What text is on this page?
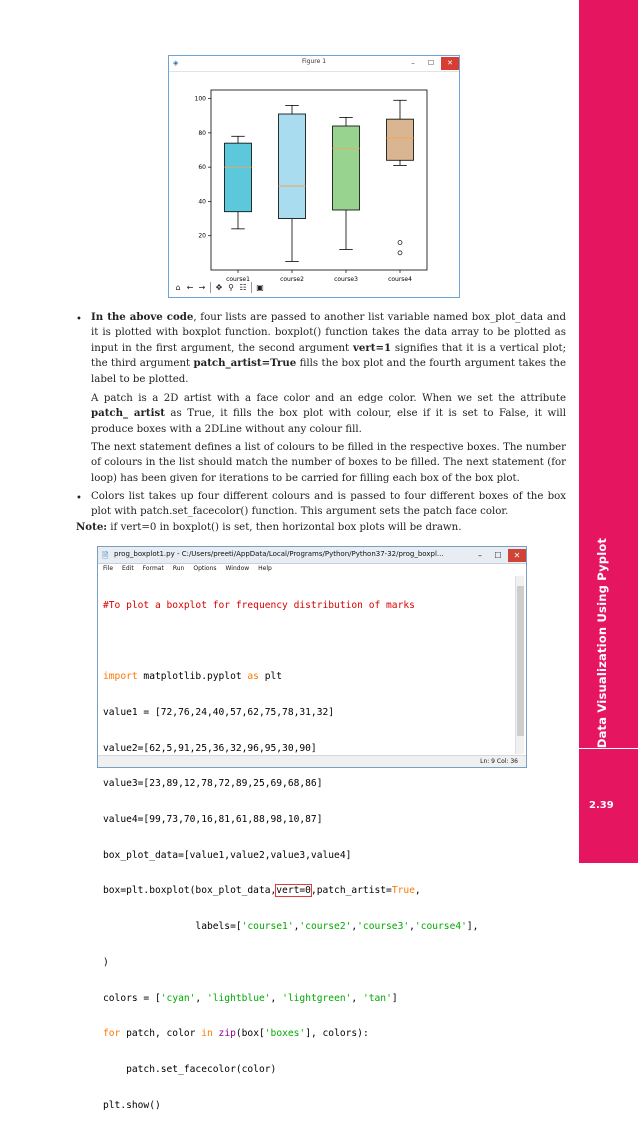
Data Visualization Using Pyplot
2.39
◈	Figure 1	–	☐	✕
20
40
60
80
100
course1	course2	course3	course4
⌂ ← → ✥ ⚲ ☷ ▣
• In the above code, four lists are passed to another list variable named box_plot_data and it is plotted with boxplot function. boxplot() function takes the data array to be plotted as input in the first argument, the second argument vert=1 signifies that it is a vertical plot; the third argument patch_artist=True fills the box plot and the fourth argument takes the label to be plotted.
A patch is a 2D artist with a face color and an edge color. When we set the attribute patch_ artist as True, it fills the box plot with colour, else if it is set to False, it will produce boxes with a 2DLine without any colour fill.
The next statement defines a list of colours to be filled in the respective boxes. The number of colours in the list should match the number of boxes to be filled. The next statement (for loop) has been given for iterations to be carried for filling each box of the box plot.
• Colors list takes up four different colours and is passed to four different boxes of the box plot with patch.set_facecolor() function. This argument sets the patch face color.
Note: if vert=0 in boxplot() is set, then horizontal box plots will be drawn.
🗎 prog_boxplot1.py - C:/Users/preeti/AppData/Local/Programs/Python/Python37-32/prog_boxpl...	–	☐	✕
File Edit Format Run Options Window Help

#To plot a boxplot for frequency distribution of marks

import matplotlib.pyplot as plt

value1 = [72,76,24,40,57,62,75,78,31,32]

value2=[62,5,91,25,36,32,96,95,30,90]

value3=[23,89,12,78,72,89,25,69,68,86]

value4=[99,73,70,16,81,61,88,98,10,87]

box_plot_data=[value1,value2,value3,value4]

box=plt.boxplot(box_plot_data,vert=0,patch_artist=True,

labels=['course1','course2','course3','course4'],

)

colors = ['cyan', 'lightblue', 'lightgreen', 'tan']

for patch, color in zip(box['boxes'], colors):

patch.set_facecolor(color)

plt.show()

Ln: 9 Col: 36
